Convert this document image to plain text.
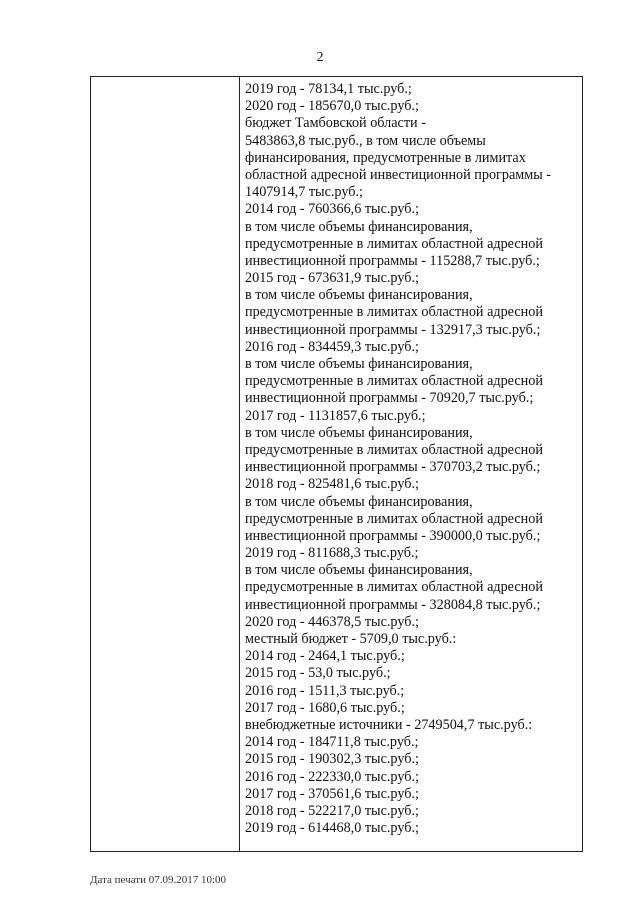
2
2019 год - 78134,1 тыс.руб.;
2020 год - 185670,0 тыс.руб.;
бюджет Тамбовской области -
5483863,8 тыс.руб., в том числе объемы
финансирования, предусмотренные в лимитах
областной адресной инвестиционной программы -
1407914,7 тыс.руб.;
2014 год - 760366,6 тыс.руб.;
в том числе объемы финансирования,
предусмотренные в лимитах областной адресной
инвестиционной программы - 115288,7 тыс.руб.;
2015 год - 673631,9 тыс.руб.;
в том числе объемы финансирования,
предусмотренные в лимитах областной адресной
инвестиционной программы - 132917,3 тыс.руб.;
2016 год - 834459,3 тыс.руб.;
в том числе объемы финансирования,
предусмотренные в лимитах областной адресной
инвестиционной программы - 70920,7 тыс.руб.;
2017 год - 1131857,6 тыс.руб.;
в том числе объемы финансирования,
предусмотренные в лимитах областной адресной
инвестиционной программы - 370703,2 тыс.руб.;
2018 год - 825481,6 тыс.руб.;
в том числе объемы финансирования,
предусмотренные в лимитах областной адресной
инвестиционной программы - 390000,0 тыс.руб.;
2019 год - 811688,3 тыс.руб.;
в том числе объемы финансирования,
предусмотренные в лимитах областной адресной
инвестиционной программы - 328084,8 тыс.руб.;
2020 год - 446378,5 тыс.руб.;
местный бюджет - 5709,0 тыс.руб.:
2014 год - 2464,1 тыс.руб.;
2015 год - 53,0 тыс.руб.;
2016 год - 1511,3 тыс.руб.;
2017 год - 1680,6 тыс.руб.;
внебюджетные источники - 2749504,7 тыс.руб.:
2014 год - 184711,8 тыс.руб.;
2015 год - 190302,3 тыс.руб.;
2016 год - 222330,0 тыс.руб.;
2017 год - 370561,6 тыс.руб.;
2018 год - 522217,0 тыс.руб.;
2019 год - 614468,0 тыс.руб.;
Дата печати 07.09.2017 10:00
